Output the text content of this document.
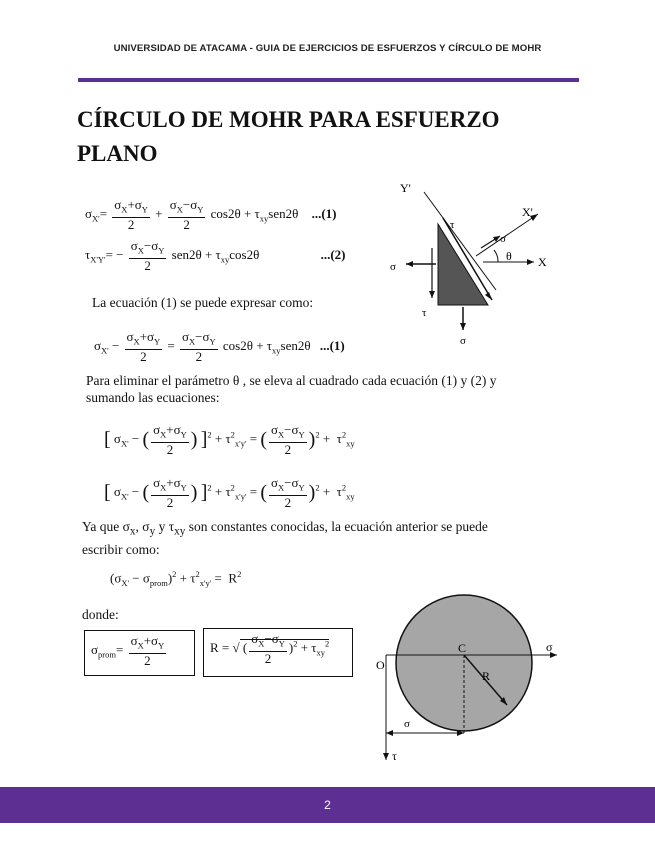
UNIVERSIDAD DE ATACAMA - GUIA DE EJERCICIOS DE ESFUERZOS Y CÍRCULO DE MOHR
CÍRCULO DE MOHR PARA ESFUERZO PLANO
$\sigma_{X'}= \frac{\sigma_X+\sigma_Y}{2} + \frac{\sigma_X-\sigma_Y}{2} \cos 2\theta + \tau_{xy}sen2\theta$ ...(1)
$\tau_{X'Y'}= - \frac{\sigma_X-\sigma_Y}{2} sen2\theta + \tau_{xy}\cos 2\theta$	...(2)
La ecuación (1) se puede expresar como:
$\sigma_{X'} - \frac{\sigma_X+\sigma_Y}{2} = \frac{\sigma_X-\sigma_Y}{2} \cos 2\theta + \tau_{xy}sen2\theta$ ...(1)
Para eliminar el parámetro θ , se eleva al cuadrado cada ecuación (1) y (2) y sumando las ecuaciones:
[ $\sigma_{X'}$ − ( $\frac{\sigma_X+\sigma_Y}{2}$ ) ]$^2 + \tau^2_{x'y'}$ = ( $\frac{\sigma_X-\sigma_Y}{2} )^2 + \tau^2_{xy}$
[ $\sigma_{X'}$ − ( $\frac{\sigma_X+\sigma_Y}{2}$ ) ]$^2 + \tau^2_{x'y'}$ = ( $\frac{\sigma_X-\sigma_Y}{2} )^2 + \tau^2_{xy}$
Ya que $\sigma_x$, $\sigma_y$ y $\tau_{xy}$ son constantes conocidas, la ecuación anterior se puede escribir como:
$(\sigma_{X'} - \sigma_{prom})^2 + \tau^2_{x'y'} = R^2$
donde:
$\sigma_{prom}= \frac{\sigma_X+\sigma_Y}{2}$	R = √ ( $\frac{\sigma_X-\sigma_Y}{2} )^2 + \tau_{xy}^2$
Y'
X'
X
θ
σ
σ
σ
τ
τ
O
C
R
σ
τ
σ
2
